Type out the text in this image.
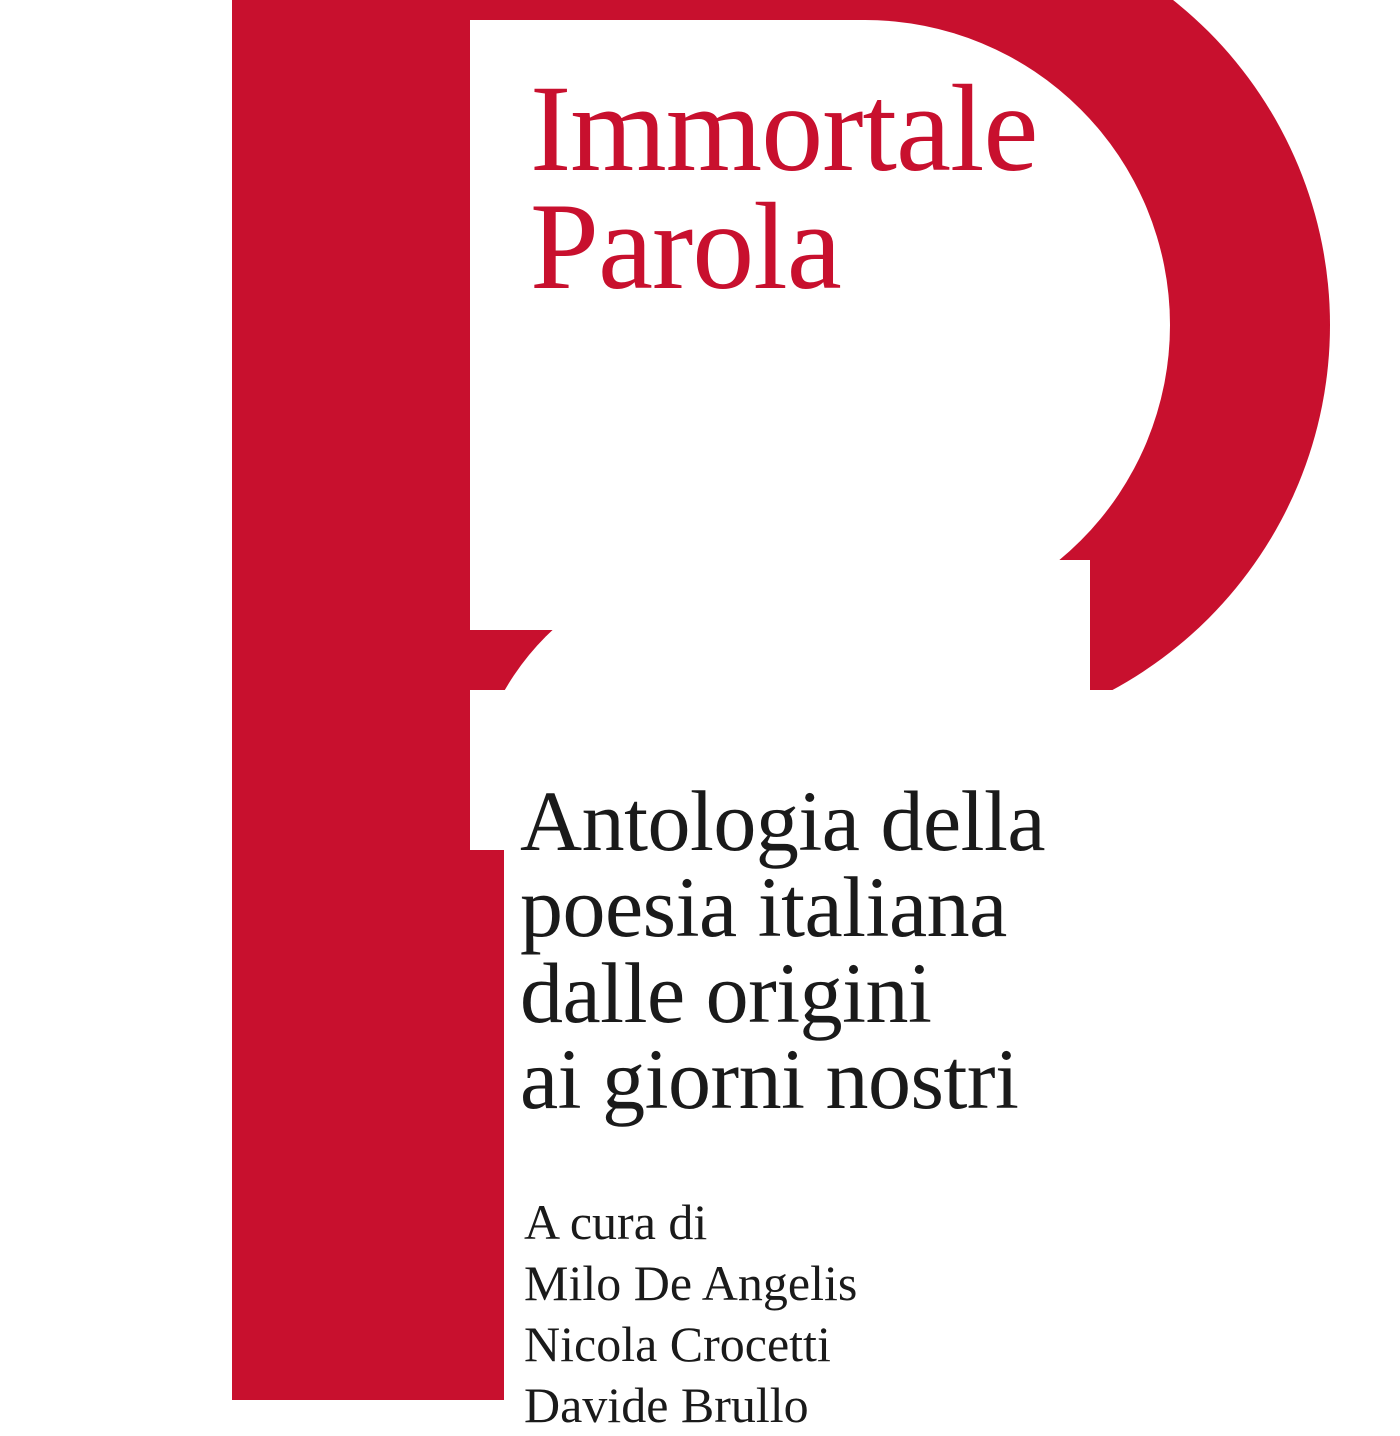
Immortale
Parola
Antologia della
poesia italiana
dalle origini
ai giorni nostri
A cura di
Milo De Angelis
Nicola Crocetti
Davide Brullo
